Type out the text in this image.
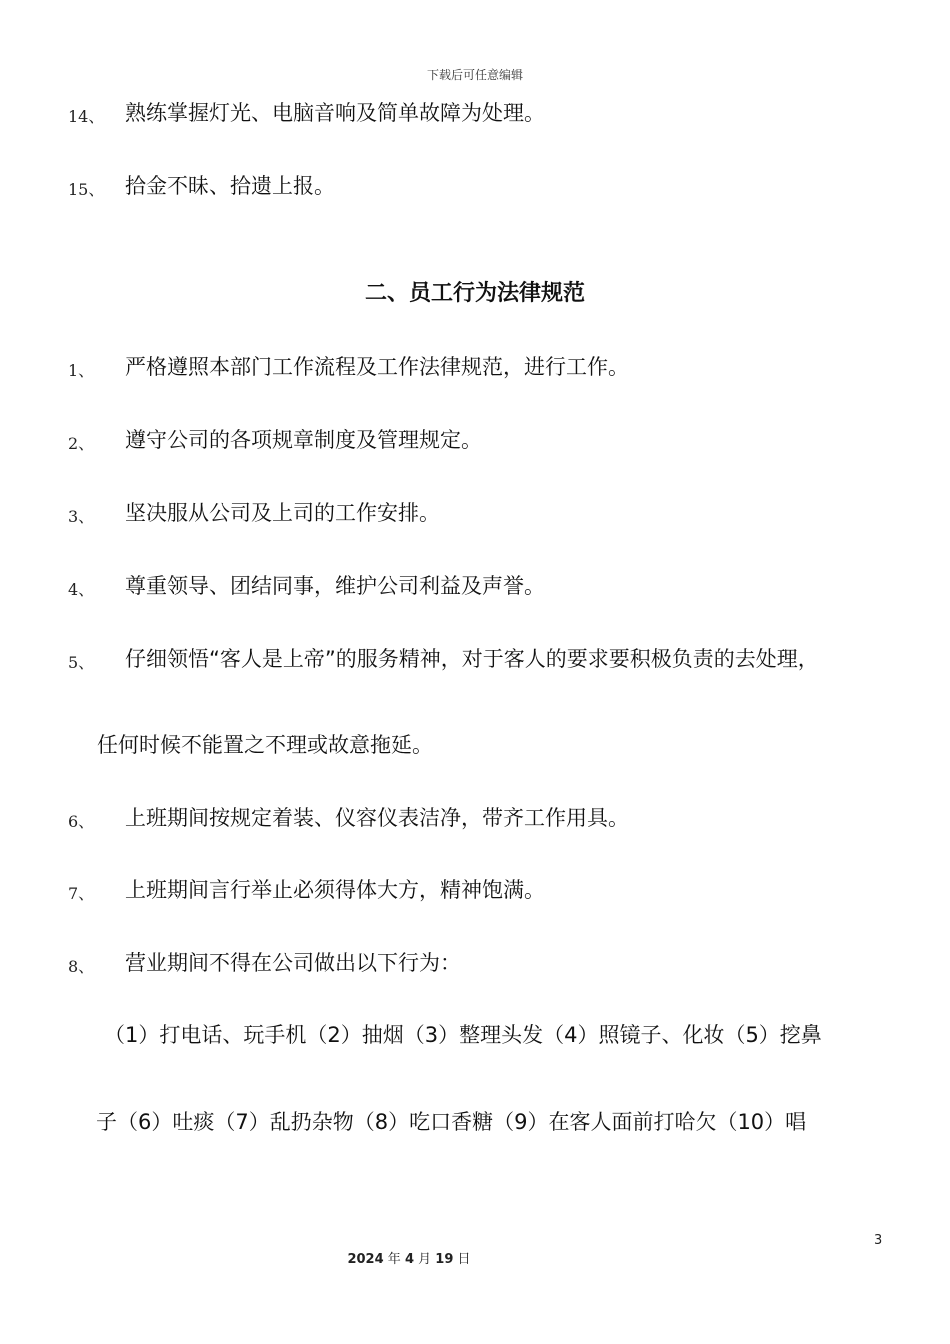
下载后可任意编辑
14、 熟练掌握灯光、电脑音响及简单故障为处理。
15、 拾金不昧、拾遗上报。
二、员工行为法律规范
1、 严格遵照本部门工作流程及工作法律规范，进行工作。
2、 遵守公司的各项规章制度及管理规定。
3、 坚决服从公司及上司的工作安排。
4、 尊重领导、团结同事，维护公司利益及声誉。
5、 仔细领悟“客人是上帝”的服务精神，对于客人的要求要积极负责的去处理，
任何时候不能置之不理或故意拖延。
6、 上班期间按规定着装、仪容仪表洁净，带齐工作用具。
7、 上班期间言行举止必须得体大方，精神饱满。
8、 营业期间不得在公司做出以下行为：
（1）打电话、玩手机（2）抽烟（3）整理头发（4）照镜子、化妆（5）挖鼻
子（6）吐痰（7）乱扔杂物（8）吃口香糖（9）在客人面前打哈欠（10）唱
3
2024 年 4 月 19 日
